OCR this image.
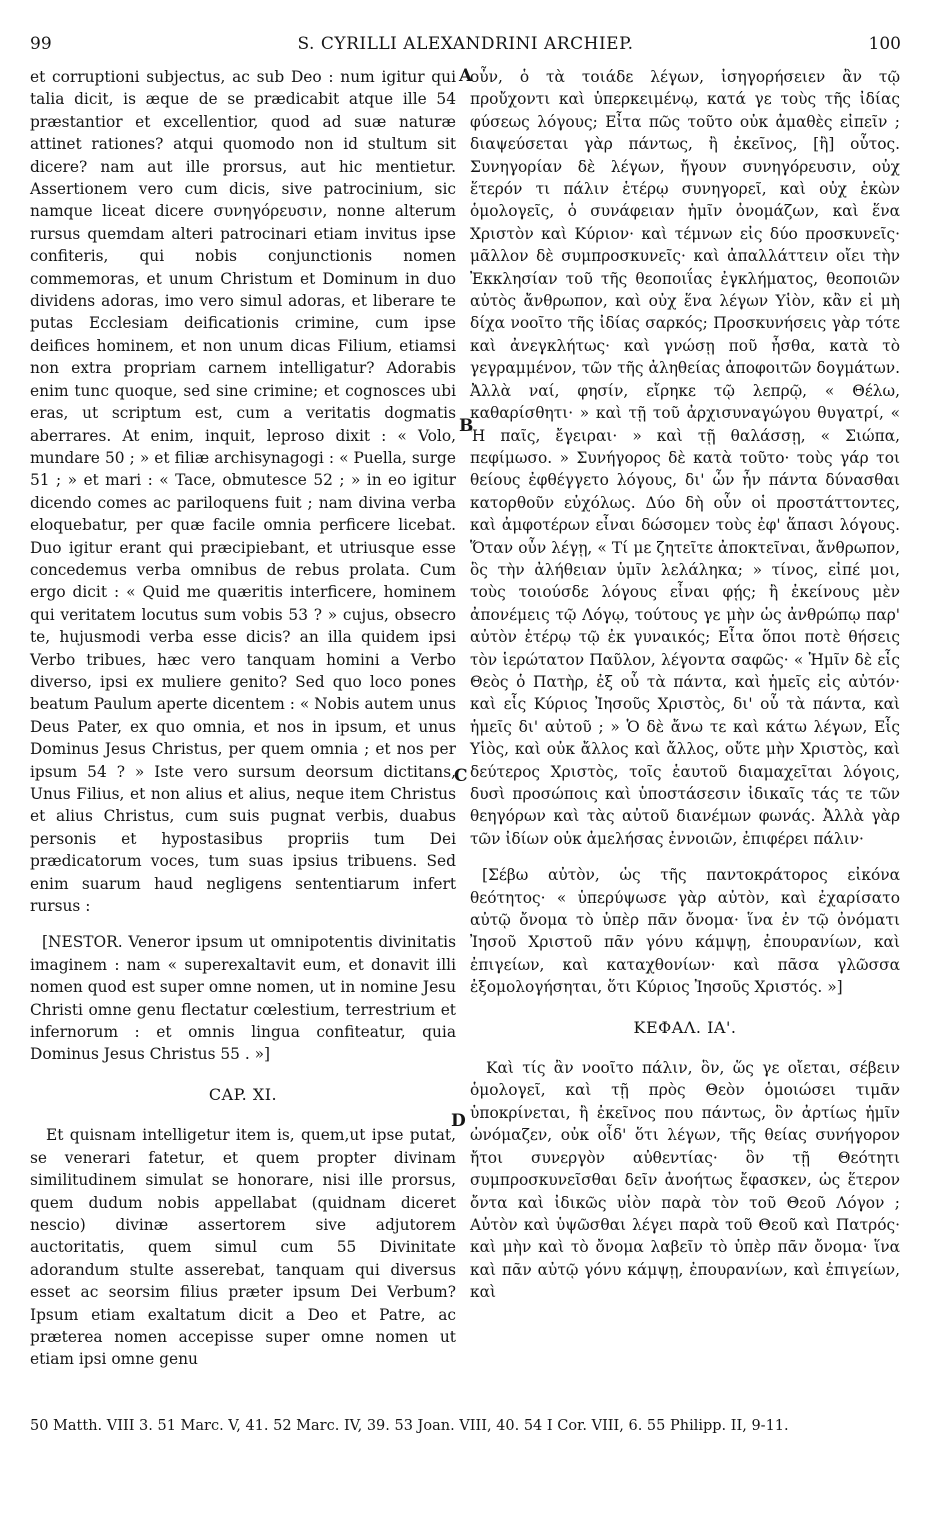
99	S. CYRILLI ALEXANDRINI ARCHIEP.	100
A
B
C
D

et corruptioni subjectus, ac sub Deo : num igitur qui talia dicit, is æque de se prædicabit atque ille 54 præstantior et excellentior, quod ad suæ naturæ attinet rationes? atqui quomodo non id stultum sit dicere? nam aut ille prorsus, aut hic mentietur. Assertionem vero cum dicis, sive patrocinium, sic namque liceat dicere συνηγόρευσιν, nonne alterum rursus quemdam alteri patrocinari etiam invitus ipse confiteris, qui nobis conjunctionis nomen commemoras, et unum Christum et Dominum in duo dividens adoras, imo vero simul adoras, et liberare te putas Ecclesiam deificationis crimine, cum ipse deifices hominem, et non unum dicas Filium, etiamsi non extra propriam carnem intelligatur? Adorabis enim tunc quoque, sed sine crimine; et cognosces ubi eras, ut scriptum est, cum a veritatis dogmatis aberrares. At enim, inquit, leproso dixit : « Volo, mundare 50 ; » et filiæ archisynagogi : « Puella, surge 51 ; » et mari : « Tace, obmutesce 52 ; » in eo igitur dicendo comes ac pariloquens fuit ; nam divina verba eloquebatur, per quæ facile omnia perficere licebat. Duo igitur erant qui præcipiebant, et utriusque esse concedemus verba omnibus de rebus prolata. Cum ergo dicit : « Quid me quæritis interficere, hominem qui veritatem locutus sum vobis 53 ? » cujus, obsecro te, hujusmodi verba esse dicis? an illa quidem ipsi Verbo tribues, hæc vero tanquam homini a Verbo diverso, ipsi ex muliere genito? Sed quo loco pones beatum Paulum aperte dicentem : « Nobis autem unus Deus Pater, ex quo omnia, et nos in ipsum, et unus Dominus Jesus Christus, per quem omnia ; et nos per ipsum 54 ? » Iste vero sursum deorsum dictitans, Unus Filius, et non alius et alius, neque item Christus et alius Christus, cum suis pugnat verbis, duabus personis et hypostasibus propriis tum Dei prædicatorum voces, tum suas ipsius tribuens. Sed enim suarum haud negligens sententiarum infert rursus :

[NESTOR. Veneror ipsum ut omnipotentis divinitatis imaginem : nam « superexaltavit eum, et donavit illi nomen quod est super omne nomen, ut in nomine Jesu Christi omne genu flectatur cœlestium, terrestrium et infernorum : et omnis lingua confiteatur, quia Dominus Jesus Christus 55 . »]

CAP. XI.

Et quisnam intelligetur item is, quem,ut ipse putat, se venerari fatetur, et quem propter divinam similitudinem simulat se honorare, nisi ille prorsus, quem dudum nobis appellabat (quidnam diceret nescio) divinæ assertorem sive adjutorem auctoritatis, quem simul cum 55 Divinitate adorandum stulte asserebat, tanquam qui diversus esset ac seorsim filius præter ipsum Dei Verbum? Ipsum etiam exaltatum dicit a Deo et Patre, ac præterea nomen accepisse super omne nomen ut etiam ipsi omne genu

οὖν, ὁ τὰ τοιάδε λέγων, ἰσηγορήσειεν ἂν τῷ προὔχοντι καὶ ὑπερκειμένῳ, κατά γε τοὺς τῆς ἰδίας φύσεως λόγους; Εἶτα πῶς τοῦτο οὐκ ἀμαθὲς εἰπεῖν ; διαψεύσεται γὰρ πάντως, ἢ ἐκεῖνος, [ἢ] οὗτος. Συνηγορίαν δὲ λέγων, ἤγουν συνηγόρευσιν, οὐχ ἕτερόν τι πάλιν ἑτέρῳ συνηγορεῖ, καὶ οὐχ ἑκὼν ὁμολογεῖς, ὁ συνάφειαν ἡμῖν ὀνομάζων, καὶ ἕνα Χριστὸν καὶ Κύριον· καὶ τέμνων εἰς δύο προσκυνεῖς· μᾶλλον δὲ συμπροσκυνεῖς· καὶ ἀπαλλάττειν οἴει τὴν Ἐκκλησίαν τοῦ τῆς θεοποιΐας ἐγκλήματος, θεοποιῶν αὐτὸς ἄνθρωπον, καὶ οὐχ ἕνα λέγων Υἱὸν, κἂν εἰ μὴ δίχα νοοῖτο τῆς ἰδίας σαρκός; Προσκυνήσεις γὰρ τότε καὶ ἀνεγκλήτως· καὶ γνώσῃ ποῦ ἦσθα, κατὰ τὸ γεγραμμένον, τῶν τῆς ἀληθείας ἀποφοιτῶν δογμάτων. Ἀλλὰ ναί, φησίν, εἴρηκε τῷ λεπρῷ, « Θέλω, καθαρίσθητι· » καὶ τῇ τοῦ ἀρχισυναγώγου θυγατρί, « Ἡ παῖς, ἔγειραι· » καὶ τῇ θαλάσσῃ, « Σιώπα, πεφίμωσο. » Συνήγορος δὲ κατὰ τοῦτο· τοὺς γάρ τοι θείους ἐφθέγγετο λόγους, δι' ὧν ἦν πάντα δύνασθαι κατορθοῦν εὐχόλως. Δύο δὴ οὖν οἱ προστάττοντες, καὶ ἀμφοτέρων εἶναι δώσομεν τοὺς ἐφ' ἅπασι λόγους. Ὅταν οὖν λέγῃ, « Τί με ζητεῖτε ἀποκτεῖναι, ἄνθρωπον, ὃς τὴν ἀλήθειαν ὑμῖν λελάληκα; » τίνος, εἰπέ μοι, τοὺς τοιούσδε λόγους εἶναι φῄς; ἢ ἐκείνους μὲν ἀπονέμεις τῷ Λόγῳ, τούτους γε μὴν ὡς ἀνθρώπῳ παρ' αὐτὸν ἑτέρῳ τῷ ἐκ γυναικός; Εἶτα ὅποι ποτὲ θήσεις τὸν ἱερώτατον Παῦλον, λέγοντα σαφῶς· « Ἡμῖν δὲ εἷς Θεὸς ὁ Πατὴρ, ἐξ οὗ τὰ πάντα, καὶ ἡμεῖς εἰς αὐτόν· καὶ εἷς Κύριος Ἰησοῦς Χριστὸς, δι' οὗ τὰ πάντα, καὶ ἡμεῖς δι' αὐτοῦ ; » Ὁ δὲ ἄνω τε καὶ κάτω λέγων, Εἷς Υἱὸς, καὶ οὐκ ἄλλος καὶ ἄλλος, οὔτε μὴν Χριστὸς, καὶ δεύτερος Χριστὸς, τοῖς ἑαυτοῦ διαμαχεῖται λόγοις, δυσὶ προσώποις καὶ ὑποστάσεσιν ἰδικαῖς τάς τε τῶν θεηγόρων καὶ τὰς αὐτοῦ διανέμων φωνάς. Ἀλλὰ γὰρ τῶν ἰδίων οὐκ ἀμελήσας ἐννοιῶν, ἐπιφέρει πάλιν·

[Σέβω αὐτὸν, ὡς τῆς παντοκράτορος εἰκόνα θεότητος· « ὑπερύψωσε γὰρ αὐτὸν, καὶ ἐχαρίσατο αὐτῷ ὄνομα τὸ ὑπὲρ πᾶν ὄνομα· ἵνα ἐν τῷ ὀνόματι Ἰησοῦ Χριστοῦ πᾶν γόνυ κάμψῃ, ἐπουρανίων, καὶ ἐπιγείων, καὶ καταχθονίων· καὶ πᾶσα γλῶσσα ἐξομολογήσηται, ὅτι Κύριος Ἰησοῦς Χριστός. »]

ΚΕΦΑΛ. ΙΑ'.

Καὶ τίς ἂν νοοῖτο πάλιν, ὃν, ὥς γε οἴεται, σέβειν ὁμολογεῖ, καὶ τῇ πρὸς Θεὸν ὁμοιώσει τιμᾶν ὑποκρίνεται, ἢ ἐκεῖνος που πάντως, ὃν ἀρτίως ἡμῖν ὠνόμαζεν, οὐκ οἶδ' ὅτι λέγων, τῆς θείας συνήγορον ἤτοι συνεργὸν αὐθεντίας· ὃν τῇ Θεότητι συμπροσκυνεῖσθαι δεῖν ἀνοήτως ἔφασκεν, ὡς ἕτερον ὄντα καὶ ἰδικῶς υἱὸν παρὰ τὸν τοῦ Θεοῦ Λόγον ; Αὐτὸν καὶ ὑψῶσθαι λέγει παρὰ τοῦ Θεοῦ καὶ Πατρός· καὶ μὴν καὶ τὸ ὄνομα λαβεῖν τὸ ὑπὲρ πᾶν ὄνομα· ἵνα καὶ πᾶν αὐτῷ γόνυ κάμψῃ, ἐπουρανίων, καὶ ἐπιγείων, καὶ

50 Matth. VIII 3. 51 Marc. V, 41. 52 Marc. IV, 39. 53 Joan. VIII, 40. 54 I Cor. VIII, 6. 55 Philipp. II, 9-11.
